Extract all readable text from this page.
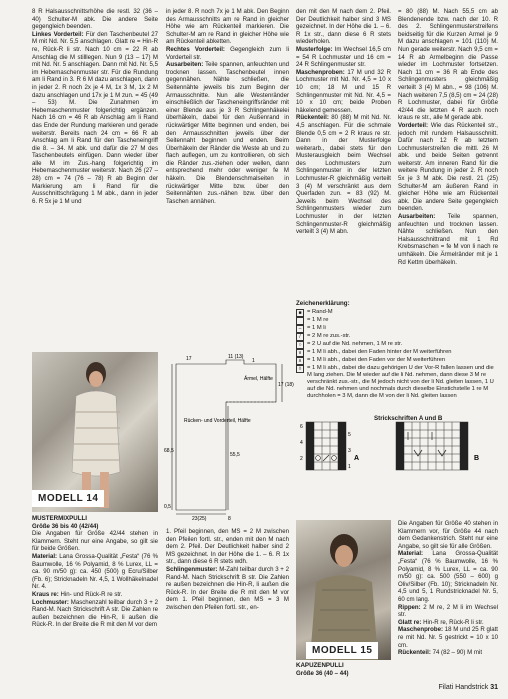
8 R Halsausschnittsrhöhe die restl. 32 (36 – 40) Schulter-M abk. Die andere Seite gegengleich beenden.

Linkes Vorderteil: Für den Taschenbeutel 27 M mit Nd. Nr. 5,5 anschlagen. Glatt re = Hin-R re, Rück-R li str. Nach 10 cm = 22 R ab Anschlag die M stilllegen. Nun 9 (13 – 17) M mit Nd. Nr. 5 anschlagen. Dann mit Nd. Nr. 5,5 im Hebemaschenmuster str. Für die Rundung am li Rand in 3. R 6 M dazu anschlagen, dann in jeder 2. R noch 2x je 4 M, 1x 3 M, 1x 2 M dazu anschlagen und 17x je 1 M zun. = 45 (49 – 53) M. Die Zunahmen im Hebemaschenmuster folgerichtig ergänzen. Nach 16 cm = 46 R ab Anschlag am li Rand das Ende der Rundung markieren und gerade weiterstr. Bereits nach 24 cm = 66 R ab Anschlag am li Rand für den Tascheneingriff die 8. – 34. M abk. und dafür die 27 M des Taschenbeutels einfügen. Dann wieder über alle M im Zus.-hang folgerichtig im Hebemaschenmuster weiterstr. Nach 26 (27 – 28) cm = 74 (76 – 78) R ab Beginn der Markierung am li Rand für die Ausschnittschrägung 1 M abk., dann in jeder 6. R 5x je 1 M und

in jeder 8. R noch 7x je 1 M abk. Den Beginn des Armausschnitts am re Rand in gleicher Höhe wie am Rückenteil markieren. Die Schulter-M am re Rand in gleicher Höhe wie am Rückenteil abketten.

Rechtes Vorderteil: Gegengleich zum li Vorderteil str.

Ausarbeiten: Teile spannen, anfeuchten und trocknen lassen. Taschenbeutel innen gegennähen. Nähte schließen, die Seitennähte jeweils bis zum Beginn der Armausschnitte. Nun alle Westenränder einschließlich der Tascheneingriffsränder mit einer Blende aus je 3 R Schlingenhäkelei überhäkeln, dabei für den Außenrand in rückwärtiger Mitte beginnen und enden, bei den Armausschnitten jeweils über der Seitennaht beginnen und enden. Beim Überhäkeln der Ränder die Weste ab und zu flach auflegen, um zu kontrollieren, ob sich die Ränder zus.-ziehen oder wellen, dann entsprechend mehr oder weniger fe M häkeln. Die Blendenschmalseiten in rückwärtiger Mitte bzw. über den Seitennähten zus.-nähen bzw. über den Taschen annähen.

den mit den M nach dem 2. Pfeil. Der Deutlichkeit halber sind 3 MS gezeichnet. In der Höhe die 1. – 6. R 1x str., dann diese 6 R stets wiederholen.

Musterfolge: Im Wechsel 16,5 cm = 54 R Lochmuster und 16 cm = 24 R Schlingenmuster str.

Maschenproben: 17 M und 32 R Lochmuster mit Nd. Nr. 4,5 = 10 x 10 cm; 18 M und 15 R Schlingenmuster mit Nd. Nr. 4,5 = 10 x 10 cm; beide Proben häkelend gemessen.

Rückenteil: 80 (88) M mit Nd. Nr. 4,5 anschlagen. Für die schmale Blende 0,5 cm = 2 R kraus re str. Dann in der Musterfolge weiterarb., dabei stets für den Musterausgleich beim Wechsel des Lochmusters zum Schlingenmuster in der letzten Lochmuster-R gleichmäßig verteilt 3 (4) M verschränkt aus dem Querfaden zun. = 83 (92) M. Jeweils beim Wechsel des Schlingenmusters wieder zum Lochmuster in der letzten Schlingenmuster-R gleichmäßig verteilt 3 (4) M abn.

= 80 (88) M. Nach 55,5 cm ab Blendenende bzw. nach der 10. R des 2. Schlingenmusterstreifens beidseitig für die Kurzen Armel je 9 M dazu anschlagen = 101 (110) M. Nun gerade weiterstr. Nach 9,5 cm = 14 R ab Armelbeginn die Passe wieder im Lochmuster fortsetzen. Nach 11 cm = 36 R ab Ende des Schlingenmusters gleichmäßig verteilt 3 (4) M abn., = 98 (106) M. Nach weiteren 7,5 (8,5) cm = 24 (28) R Lochmuster, dabei für Größe 42/44 die letzten 4 R auch noch kraus re str., alle M gerade abk.

Vorderteil: Wie das Rückenteil str., jedoch mit rundem Halsausschnitt. Dafür nach 12 R ab letztem Lochmusterstreifen die mittl. 26 M abk. und beide Seiten getrennt weiterstr. Am inneren Rand für die weitere Rundung in jeder 2. R noch 5x je 3 M abk. Die restl. 21 (25) Schulter-M am äußeren Rand in gleicher Höhe wie am Rückenteil abk. Die andere Seite gegengleich beenden.

Ausarbeiten: Teile spannen, anfeuchten und trocknen lassen. Nähte schließen. Nun den Halsausschnittrand mit 1 Rd Krebsmaschen = fe M von li nach re umhäkeln. Die Ärmelränder mit je 1 Rd Kettm überhäkeln.

Zeichenerklärung:
■ = Rand-M
= 1 M re
– = 1 M li
/	= 2 M re zus.-str.
○ = 2 U auf die Nd. nehmen, 1 M re str.
∨ = 1 M li abh., dabei den Faden hinter der M weiterführen
∧ = 1 M li abh., dabei den Faden vor der M weiterführen
◊ = 1 M li abh., dabei die dazu gehörigen U der Vor-R fallen lassen und die M lang ziehen. Die M wieder auf die li Nd. nehmen, dann diese 3 M re verschränkt zus.-str., die M jedoch nicht von der li Nd. gleiten lassen, 1 U auf die Nd. nehmen und nochmals durch dieselbe Einstichstelle 1 re M durchholen = 3 M, dann die M von der li Nd. gleiten lassen
Strickschriften A und B
6
5
4
3
2
1
A	B
MODELL 14
17	11 (13)
1
Ärmel, Hälfte
17 (18)
Rücken- und Vorderteil, Hälfte
68,5
55,5
0,5
23(25)	8

MUSTERMIXPULLI

Größe 36 bis 40 (42/44)

Die Angaben für Größe 42/44 stehen in Klammern. Steht nur eine Angabe, so gilt sie für beide Größen.

Material: Lana Grossa-Qualität „Festa“ (76 % Baumwolle, 16 % Polyamid, 8 % Lurex, LL = ca. 90 m/50 g): ca. 450 (500) g Ecru/Silber (Fb. 6); Stricknadeln Nr. 4,5, 1 Wollhäkelnadel Nr. 4.

Kraus re: Hin- und Rück-R re str.

Lochmuster: Maschenzahl teilbar durch 3 + 2 Rand-M. Nach Strickschrift A str. Die Zahlen re außen bezeichnen die Hin-R, li außen die Rück-R. In der Breite die R mit den M vor dem

1. Pfeil beginnen, den MS = 2 M zwischen den Pfeilen fortl. str., enden mit den M nach dem 2. Pfeil. Der Deutlichkeit halber sind 2 MS gezeichnet. In der Höhe die 1. – 6. R 1x str., dann diese 6 R stets wdh.

Schlingenmuster: M-Zahl teilbar durch 3 + 2 Rand-M. Nach Strickschrift B str. Die Zahlen re außen bezeichnen die Hin-R, li außen die Rück-R. In der Breite die R mit den M vor dem 1. Pfeil beginnen, den MS = 3 M zwischen den Pfeilen fortl. str., en-

MODELL 15

KAPUZENPULLI

Größe 36 (40 – 44)

Die Angaben für Größe 40 stehen in Klammern vor, für Größe 44 nach dem Gedankenstrich. Steht nur eine Angabe, so gilt sie für alle Größen.

Material: Lana Grossa-Qualität „Festa“ (76 % Baumwolle, 16 % Polyamid, 8 % Lurex, LL = ca. 90 m/50 g): ca. 500 (550 – 600) g Oliv/Silber (Fb. 10); Stricknadeln Nr. 4,5 und 5, 1 Rundstricknadel Nr. 5, 60 cm lang.

Rippen: 2 M re, 2 M li im Wechsel str.

Glatt re: Hin-R re, Rück-R li str.

Maschenprobe: 18 M und 25 R glatt re mit Nd. Nr. 5 gestrickt = 10 x 10 cm.

Rückenteil: 74 (82 – 90) M mit

Filati Handstrick 31
